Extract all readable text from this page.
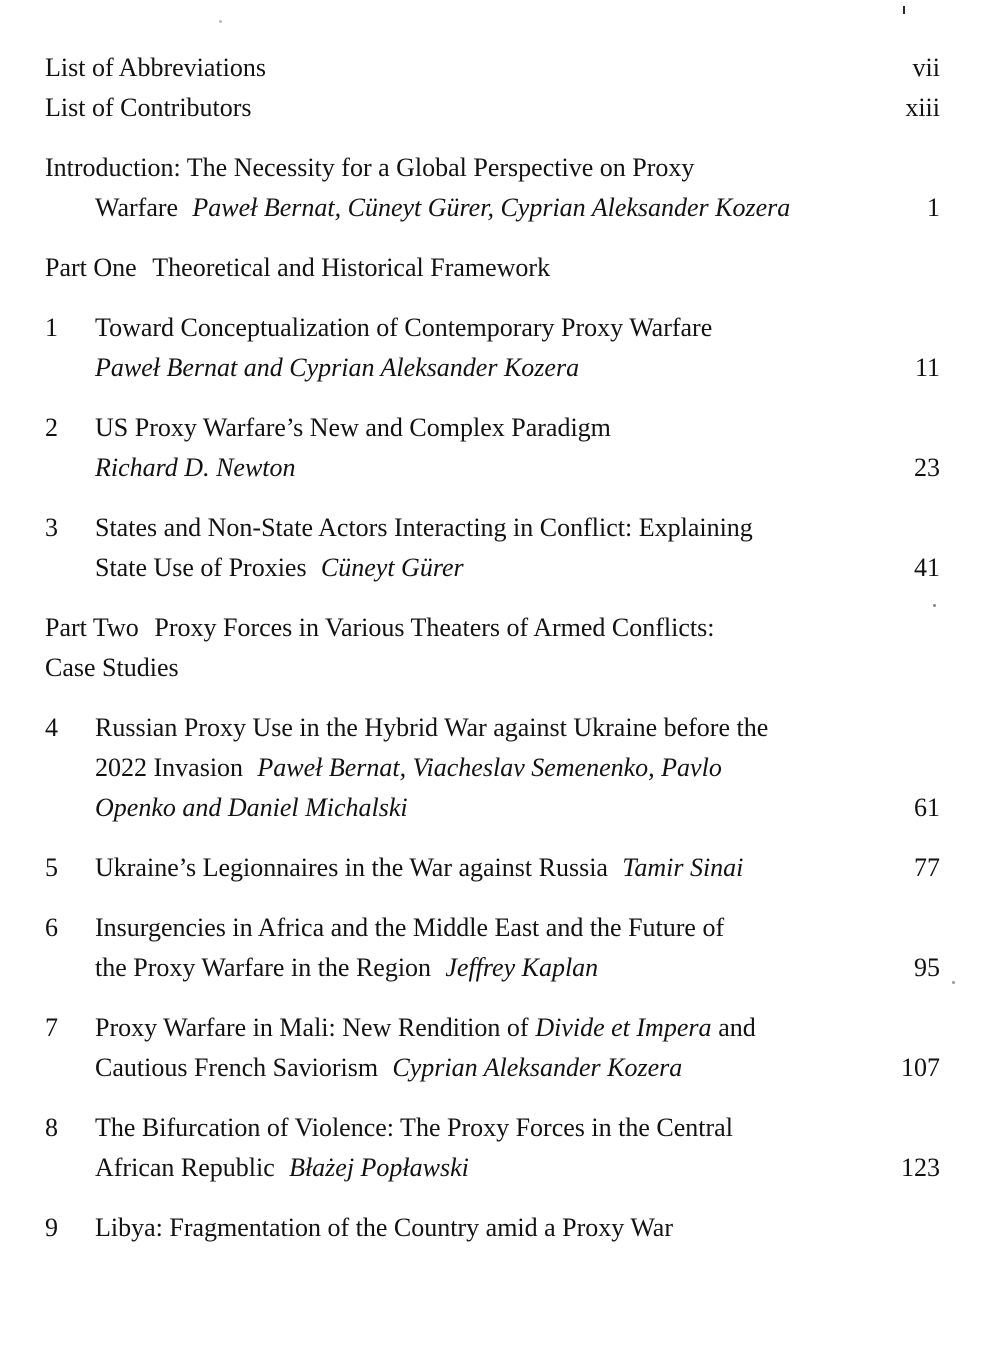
List of Abbreviations	vii
List of Contributors	xiii
Introduction: The Necessity for a Global Perspective on Proxy
Warfare Paweł Bernat, Cüneyt Gürer, Cyprian Aleksander Kozera	1
Part One Theoretical and Historical Framework
1	Toward Conceptualization of Contemporary Proxy Warfare
Paweł Bernat and Cyprian Aleksander Kozera	11
2	US Proxy Warfare’s New and Complex Paradigm
Richard D. Newton	23
3	States and Non-State Actors Interacting in Conflict: Explaining
State Use of Proxies Cüneyt Gürer	41
Part Two Proxy Forces in Various Theaters of Armed Conflicts:
Case Studies
4	Russian Proxy Use in the Hybrid War against Ukraine before the
2022 Invasion Paweł Bernat, Viacheslav Semenenko, Pavlo
Openko and Daniel Michalski	61
5	Ukraine’s Legionnaires in the War against Russia Tamir Sinai	77
6	Insurgencies in Africa and the Middle East and the Future of
the Proxy Warfare in the Region Jeffrey Kaplan	95
7	Proxy Warfare in Mali: New Rendition of Divide et Impera and
Cautious French Saviorism Cyprian Aleksander Kozera	107
8	The Bifurcation of Violence: The Proxy Forces in the Central
African Republic Błażej Popławski	123
9	Libya: Fragmentation of the Country amid a Proxy War
